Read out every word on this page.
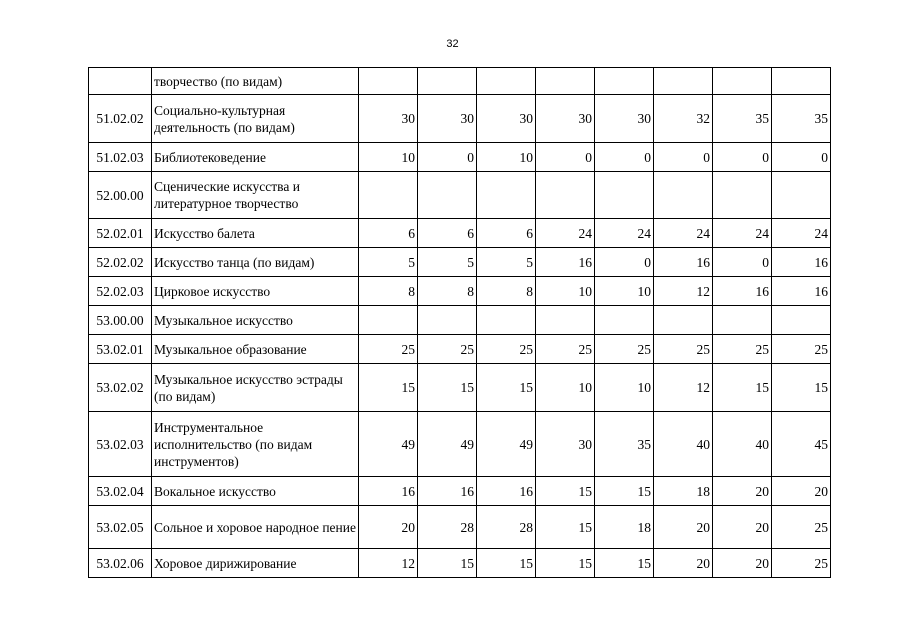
32
	творчество (по видам)								
51.02.02	Социально-культурная деятельность (по видам)	30	30	30	30	30	32	35	35
51.02.03	Библиотековедение	10	0	10	0	0	0	0	0
52.00.00	Сценические искусства и литературное творчество								
52.02.01	Искусство балета	6	6	6	24	24	24	24	24
52.02.02	Искусство танца (по видам)	5	5	5	16	0	16	0	16
52.02.03	Цирковое искусство	8	8	8	10	10	12	16	16
53.00.00	Музыкальное искусство								
53.02.01	Музыкальное образование	25	25	25	25	25	25	25	25
53.02.02	Музыкальное искусство эстрады (по видам)	15	15	15	10	10	12	15	15
53.02.03	Инструментальное исполнительство (по видам инструментов)	49	49	49	30	35	40	40	45
53.02.04	Вокальное искусство	16	16	16	15	15	18	20	20
53.02.05	Сольное и хоровое народное пение	20	28	28	15	18	20	20	25
53.02.06	Хоровое дирижирование	12	15	15	15	15	20	20	25
